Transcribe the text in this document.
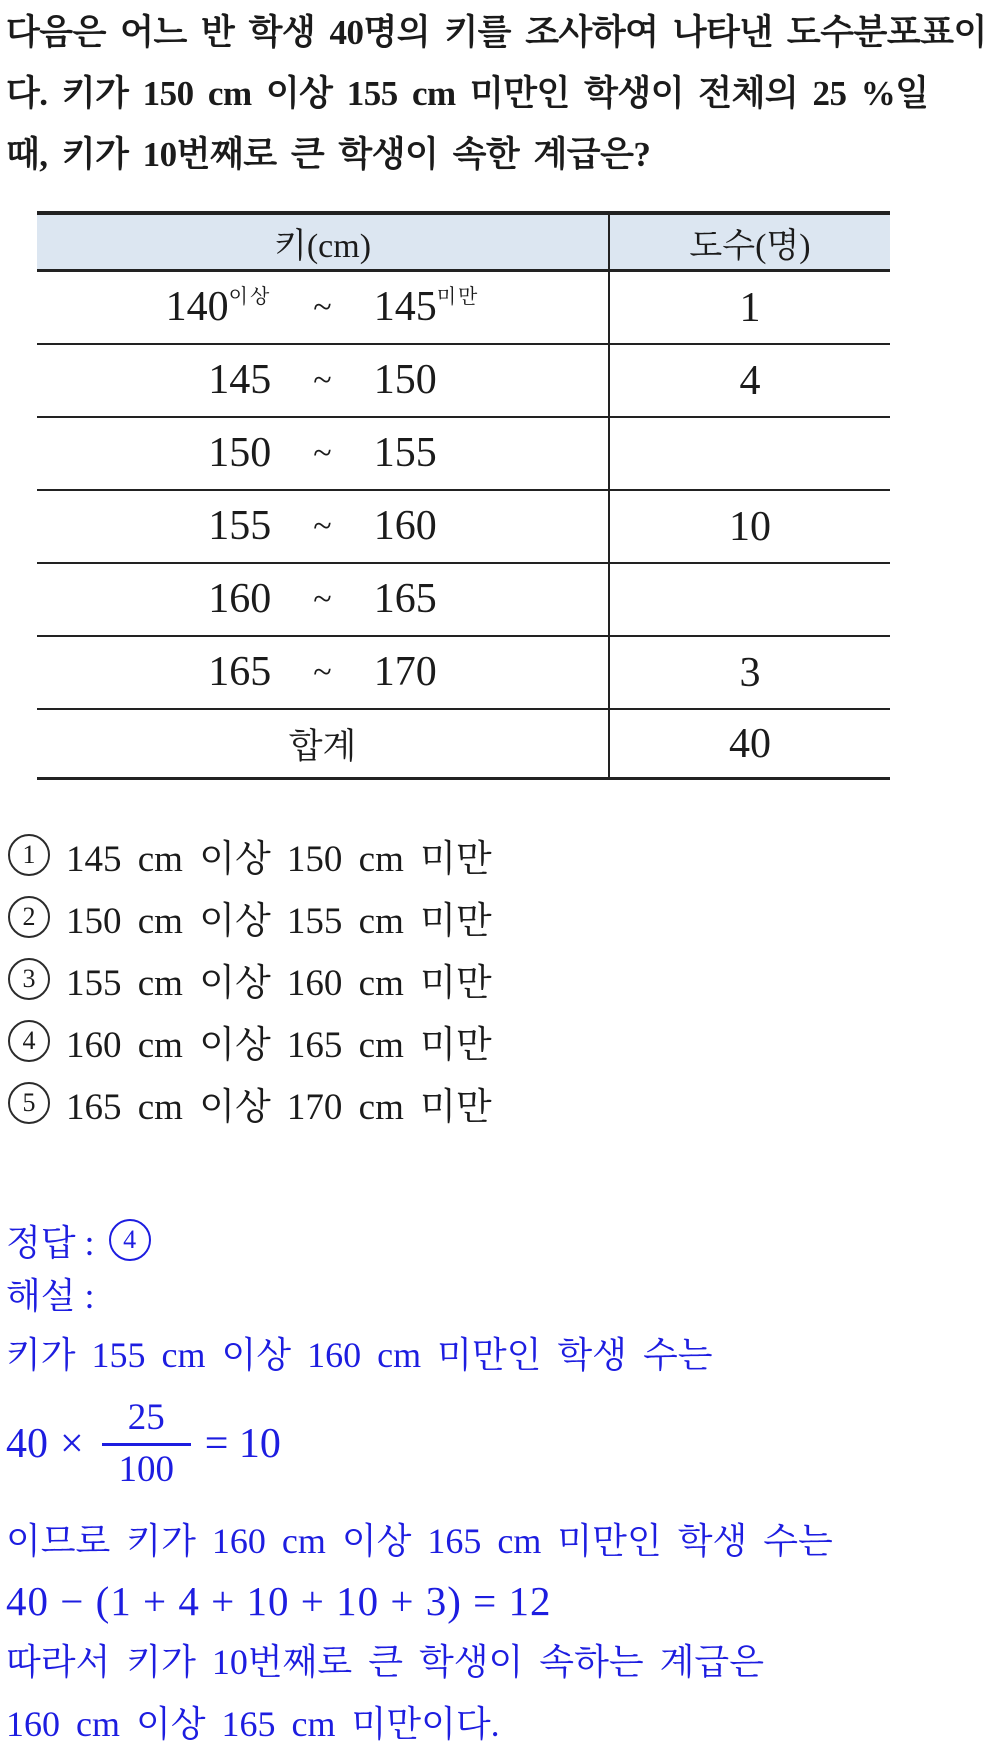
다음은 어느 반 학생 40명의 키를 조사하여 나타낸 도수분포표이
다. 키가 150 cm 이상 155 cm 미만인 학생이 전체의 25 %일
때, 키가 10번째로 큰 학생이 속한 계급은?
키(cm)	도수(명)

140 이상 ~ 145 미만	1

145 ~ 150	4

150 ~ 155	

155 ~ 160	10

160 ~ 165	

165 ~ 170	3
합계	40
1 145 cm 이상 150 cm 미만
2 150 cm 이상 155 cm 미만
3 155 cm 이상 160 cm 미만
4 160 cm 이상 165 cm 미만
5 165 cm 이상 170 cm 미만
정답 : 4
해설 :
키가 155 cm 이상 160 cm 미만인 학생 수는
$40 \times \frac{25}{100} = 10$
이므로 키가 160 cm 이상 165 cm 미만인 학생 수는
40 − (1 + 4 + 10 + 10 + 3) = 12
따라서 키가 10번째로 큰 학생이 속하는 계급은
160 cm 이상 165 cm 미만이다.
